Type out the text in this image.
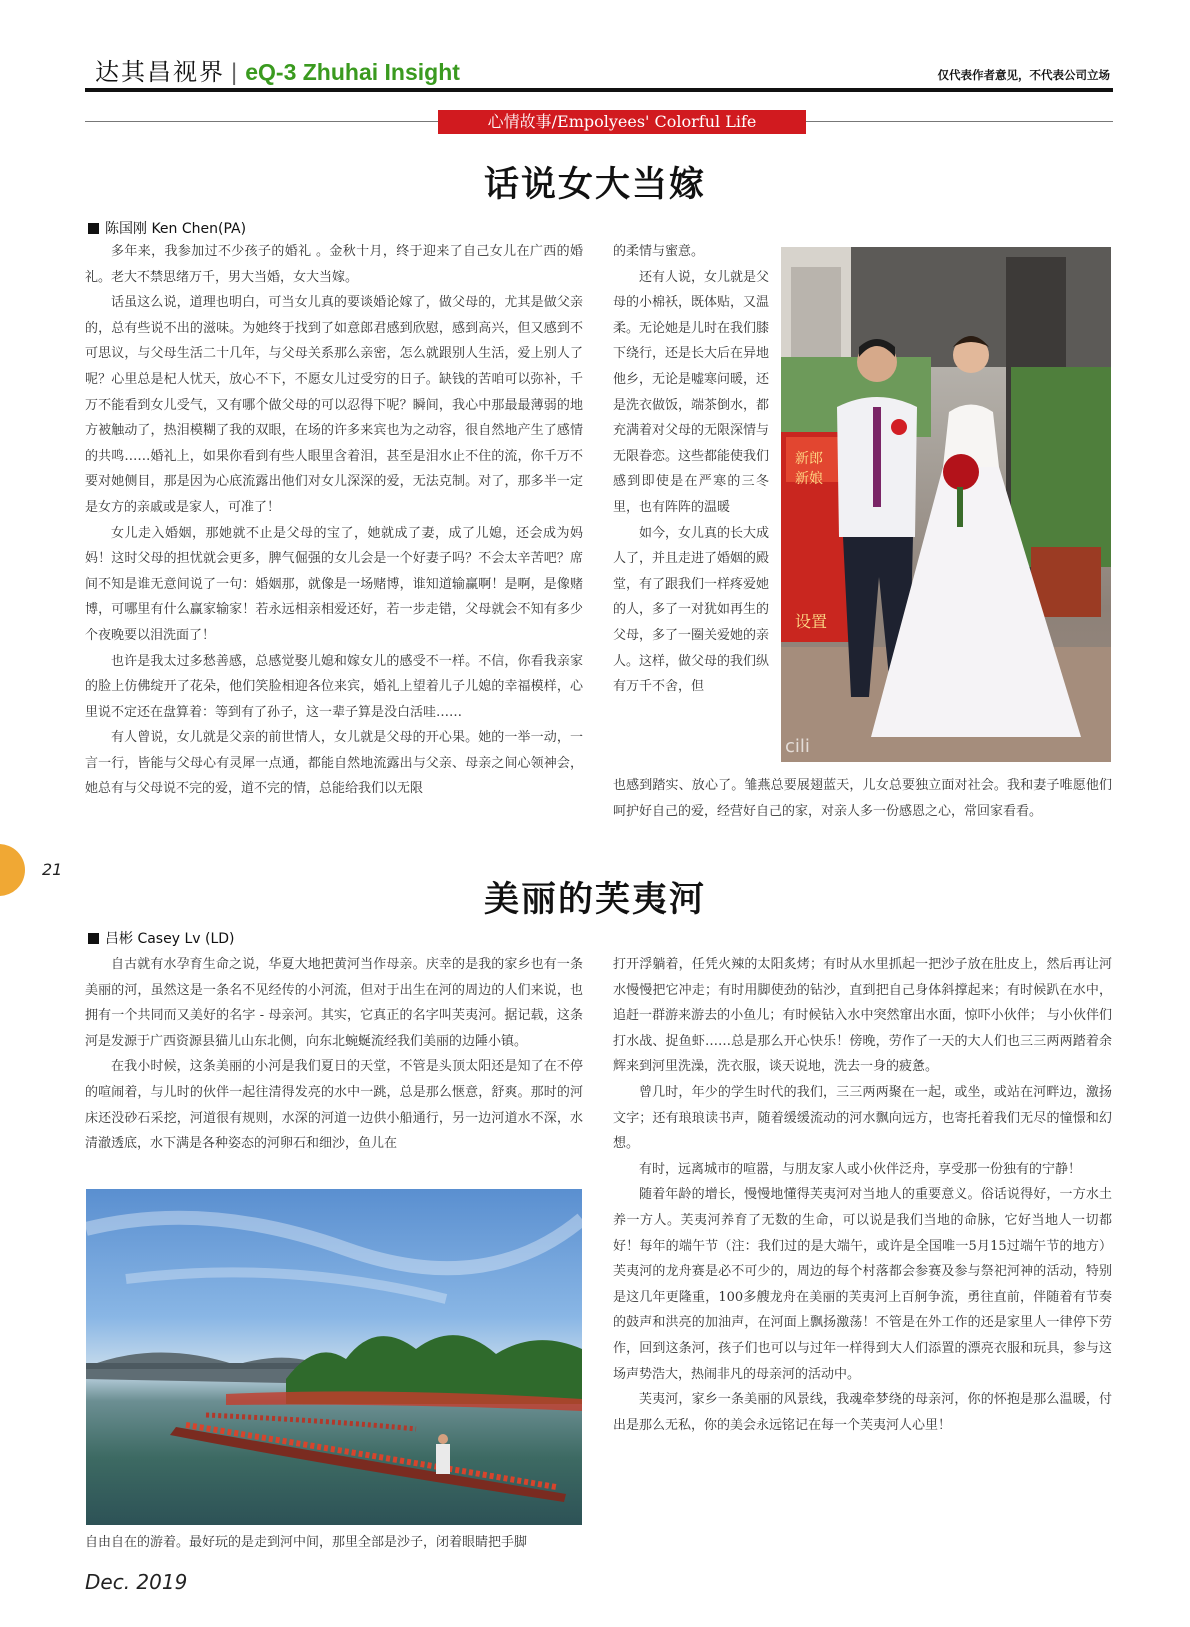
达其昌视界 | eQ-3 Zhuhai Insight	仅代表作者意见，不代表公司立场
心情故事/Empolyees' Colorful Life
话说女大当嫁
陈国刚 Ken Chen(PA)

多年来，我参加过不少孩子的婚礼 。金秋十月，终于迎来了自己女儿在广西的婚礼。老大不禁思绪万千，男大当婚，女大当嫁。

话虽这么说，道理也明白，可当女儿真的要谈婚论嫁了，做父母的，尤其是做父亲的，总有些说不出的滋味。为她终于找到了如意郎君感到欣慰，感到高兴，但又感到不可思议，与父母生活二十几年，与父母关系那么亲密，怎么就跟别人生活，爱上别人了呢？心里总是杞人忧天，放心不下，不愿女儿过受穷的日子。缺钱的苦咱可以弥补，千万不能看到女儿受气，又有哪个做父母的可以忍得下呢？瞬间，我心中那最最薄弱的地方被触动了，热泪模糊了我的双眼，在场的许多来宾也为之动容，很自然地产生了感情的共鸣……婚礼上，如果你看到有些人眼里含着泪，甚至是泪水止不住的流，你千万不要对她侧目，那是因为心底流露出他们对女儿深深的爱，无法克制。对了，那多半一定是女方的亲戚或是家人，可准了！

女儿走入婚姻，那她就不止是父母的宝了，她就成了妻，成了儿媳，还会成为妈妈！这时父母的担忧就会更多，脾气倔强的女儿会是一个好妻子吗？不会太辛苦吧？席间不知是谁无意间说了一句：婚姻那，就像是一场赌博，谁知道输赢啊！是啊，是像赌博，可哪里有什么赢家输家！若永远相亲相爱还好，若一步走错，父母就会不知有多少个夜晚要以泪洗面了！

也许是我太过多愁善感，总感觉娶儿媳和嫁女儿的感受不一样。不信，你看我亲家的脸上仿佛绽开了花朵，他们笑脸相迎各位来宾，婚礼上望着儿子儿媳的幸福模样，心里说不定还在盘算着：等到有了孙子，这一辈子算是没白活哇……

有人曾说，女儿就是父亲的前世情人，女儿就是父母的开心果。她的一举一动，一言一行，皆能与父母心有灵犀一点通，都能自然地流露出与父亲、母亲之间心领神会，她总有与父母说不完的爱，道不完的情，总能给我们以无限

的柔情与蜜意。

还有人说，女儿就是父母的小棉袄，既体贴，又温柔。无论她是儿时在我们膝下绕行，还是长大后在异地他乡，无论是嘘寒问暖，还是洗衣做饭，端茶倒水，都充满着对父母的无限深情与无限眷恋。这些都能使我们感到即使是在严寒的三冬里，也有阵阵的温暖

如今，女儿真的长大成人了，并且走进了婚姻的殿堂，有了跟我们一样疼爱她的人，多了一对犹如再生的父母，多了一圈关爱她的亲人。这样，做父母的我们纵有万千不舍，但

也感到踏实、放心了。雏燕总要展翅蓝天，儿女总要独立面对社会。我和妻子唯愿他们呵护好自己的爱，经营好自己的家，对亲人多一份感恩之心，常回家看看。
新郎
新娘
设置
cili
21
美丽的芙夷河
吕彬 Casey Lv (LD)

自古就有水孕育生命之说，华夏大地把黄河当作母亲。庆幸的是我的家乡也有一条美丽的河，虽然这是一条名不见经传的小河流，但对于出生在河的周边的人们来说，也拥有一个共同而又美好的名字 - 母亲河。其实，它真正的名字叫芙夷河。据记载，这条河是发源于广西资源县猫儿山东北侧，向东北蜿蜒流经我们美丽的边陲小镇。

在我小时候，这条美丽的小河是我们夏日的天堂，不管是头顶太阳还是知了在不停的喧闹着，与儿时的伙伴一起往清得发亮的水中一跳，总是那么惬意，舒爽。那时的河床还没砂石采挖，河道很有规则，水深的河道一边供小船通行，另一边河道水不深，水清澈透底，水下满是各种姿态的河卵石和细沙，鱼儿在

自由自在的游着。最好玩的是走到河中间，那里全部是沙子，闭着眼睛把手脚
打开浮躺着，任凭火辣的太阳炙烤；有时从水里抓起一把沙子放在肚皮上，然后再让河水慢慢把它冲走；有时用脚使劲的钻沙，直到把自己身体斜撑起来；有时候趴在水中，追赶一群游来游去的小鱼儿；有时候钻入水中突然窜出水面，惊吓小伙伴； 与小伙伴们打水战、捉鱼虾……总是那么开心快乐！傍晚，劳作了一天的大人们也三三两两踏着余辉来到河里洗澡，洗衣服，谈天说地，洗去一身的疲惫。

曾几时，年少的学生时代的我们，三三两两聚在一起，或坐，或站在河畔边，激扬文字；还有琅琅读书声，随着缓缓流动的河水飘向远方，也寄托着我们无尽的憧憬和幻想。

有时，远离城市的喧嚣，与朋友家人或小伙伴泛舟，享受那一份独有的宁静！

随着年龄的增长，慢慢地懂得芙夷河对当地人的重要意义。俗话说得好，一方水土养一方人。芙夷河养育了无数的生命，可以说是我们当地的命脉，它好当地人一切都好！每年的端午节（注：我们过的是大端午，或许是全国唯一5月15过端午节的地方）芙夷河的龙舟赛是必不可少的，周边的每个村落都会参赛及参与祭祀河神的活动，特别是这几年更隆重，100多艘龙舟在美丽的芙夷河上百舸争流，勇往直前，伴随着有节奏的鼓声和洪亮的加油声，在河面上飘扬激荡！不管是在外工作的还是家里人一律停下劳作，回到这条河，孩子们也可以与过年一样得到大人们添置的漂亮衣服和玩具，参与这场声势浩大，热闹非凡的母亲河的活动中。

芙夷河，家乡一条美丽的风景线，我魂牵梦绕的母亲河，你的怀抱是那么温暖，付出是那么无私，你的美会永远铭记在每一个芙夷河人心里！

Dec. 2019
